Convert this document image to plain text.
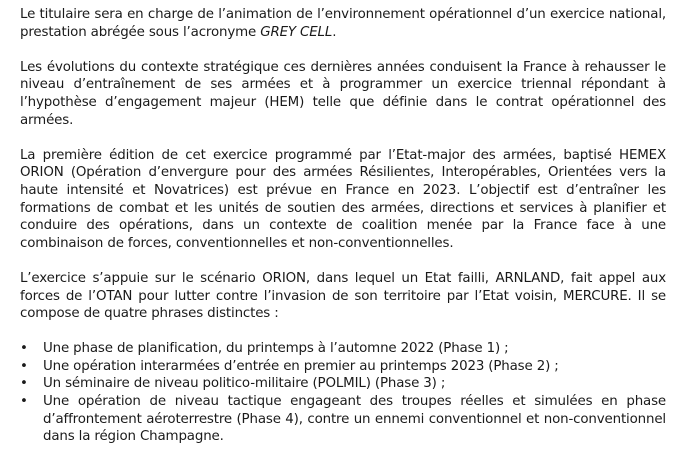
Le titulaire sera en charge de l’animation de l’environnement opérationnel d’un exercice national, prestation abrégée sous l’acronyme GREY CELL.

Les évolutions du contexte stratégique ces dernières années conduisent la France à rehausser le niveau d’entraînement de ses armées et à programmer un exercice triennal répondant à l’hypothèse d’engagement majeur (HEM) telle que définie dans le contrat opérationnel des armées.

La première édition de cet exercice programmé par l’Etat-major des armées, baptisé HEMEX ORION (Opération d’envergure pour des armées Résilientes, Interopérables, Orientées vers la haute intensité et Novatrices) est prévue en France en 2023. L’objectif est d’entraîner les formations de combat et les unités de soutien des armées, directions et services à planifier et conduire des opérations, dans un contexte de coalition menée par la France face à une combinaison de forces, conventionnelles et non-conventionnelles.

L’exercice s’appuie sur le scénario ORION, dans lequel un Etat failli, ARNLAND, fait appel aux forces de l’OTAN pour lutter contre l’invasion de son territoire par l’Etat voisin, MERCURE. Il se compose de quatre phrases distinctes :

• Une phase de planification, du printemps à l’automne 2022 (Phase 1) ;
• Une opération interarmées d’entrée en premier au printemps 2023 (Phase 2) ;
• Un séminaire de niveau politico-militaire (POLMIL) (Phase 3) ;
• Une opération de niveau tactique engageant des troupes réelles et simulées en phase d’affrontement aéroterrestre (Phase 4), contre un ennemi conventionnel et non-conventionnel dans la région Champagne.
